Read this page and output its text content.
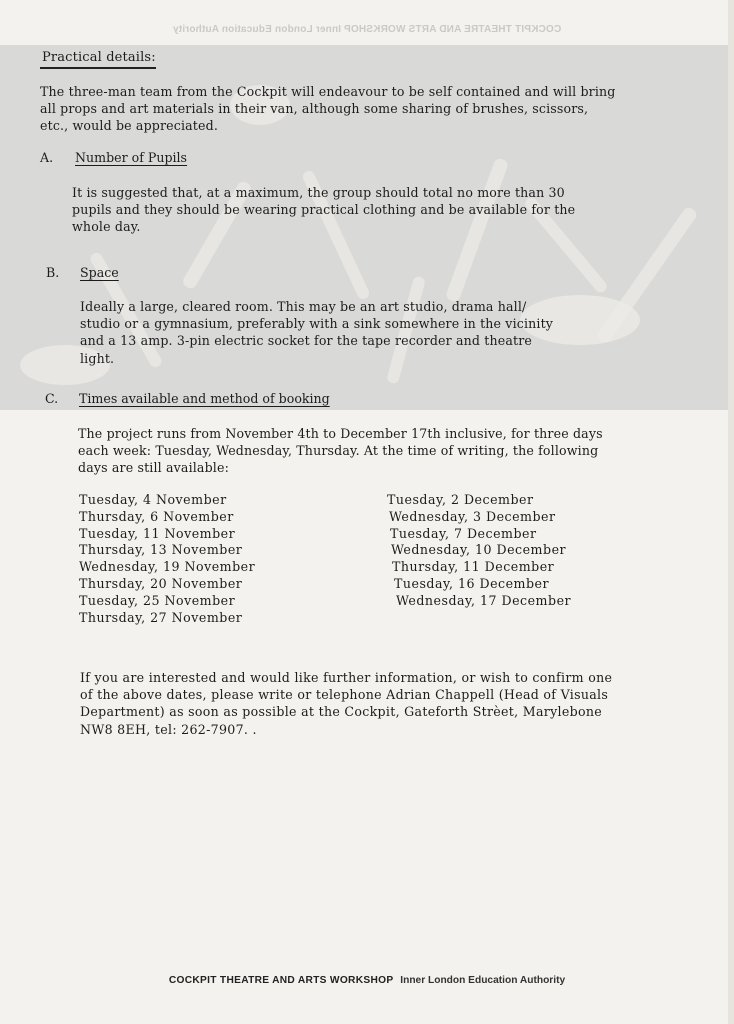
COCKPIT THEATRE AND ARTS WORKSHOP Inner London Education Authority
Practical details:
The three-man team from the Cockpit will endeavour to be self contained and will bring
all props and art materials in their van, although some sharing of brushes, scissors,
etc., would be appreciated.
A. Number of Pupils
It is suggested that, at a maximum, the group should total no more than 30
pupils and they should be wearing practical clothing and be available for the
whole day.
B. Space
Ideally a large, cleared room. This may be an art studio, drama hall/
studio or a gymnasium, preferably with a sink somewhere in the vicinity
and a 13 amp. 3-pin electric socket for the tape recorder and theatre
light.
C. Times available and method of booking
The project runs from November 4th to December 17th inclusive, for three days
each week: Tuesday, Wednesday, Thursday. At the time of writing, the following
days are still available:
Tuesday, 4 November
Thursday, 6 November
Tuesday, 11 November
Thursday, 13 November
Wednesday, 19 November
Thursday, 20 November
Tuesday, 25 November
Thursday, 27 November
Tuesday, 2 December
Wednesday, 3 December
Tuesday, 7 December
Wednesday, 10 December
Thursday, 11 December
Tuesday, 16 December
Wednesday, 17 December
If you are interested and would like further information, or wish to confirm one
of the above dates, please write or telephone Adrian Chappell (Head of Visuals
Department) as soon as possible at the Cockpit, Gateforth Strèet, Marylebone
NW8 8EH, tel: 262-7907. .
COCKPIT THEATRE AND ARTS WORKSHOP Inner London Education Authority
